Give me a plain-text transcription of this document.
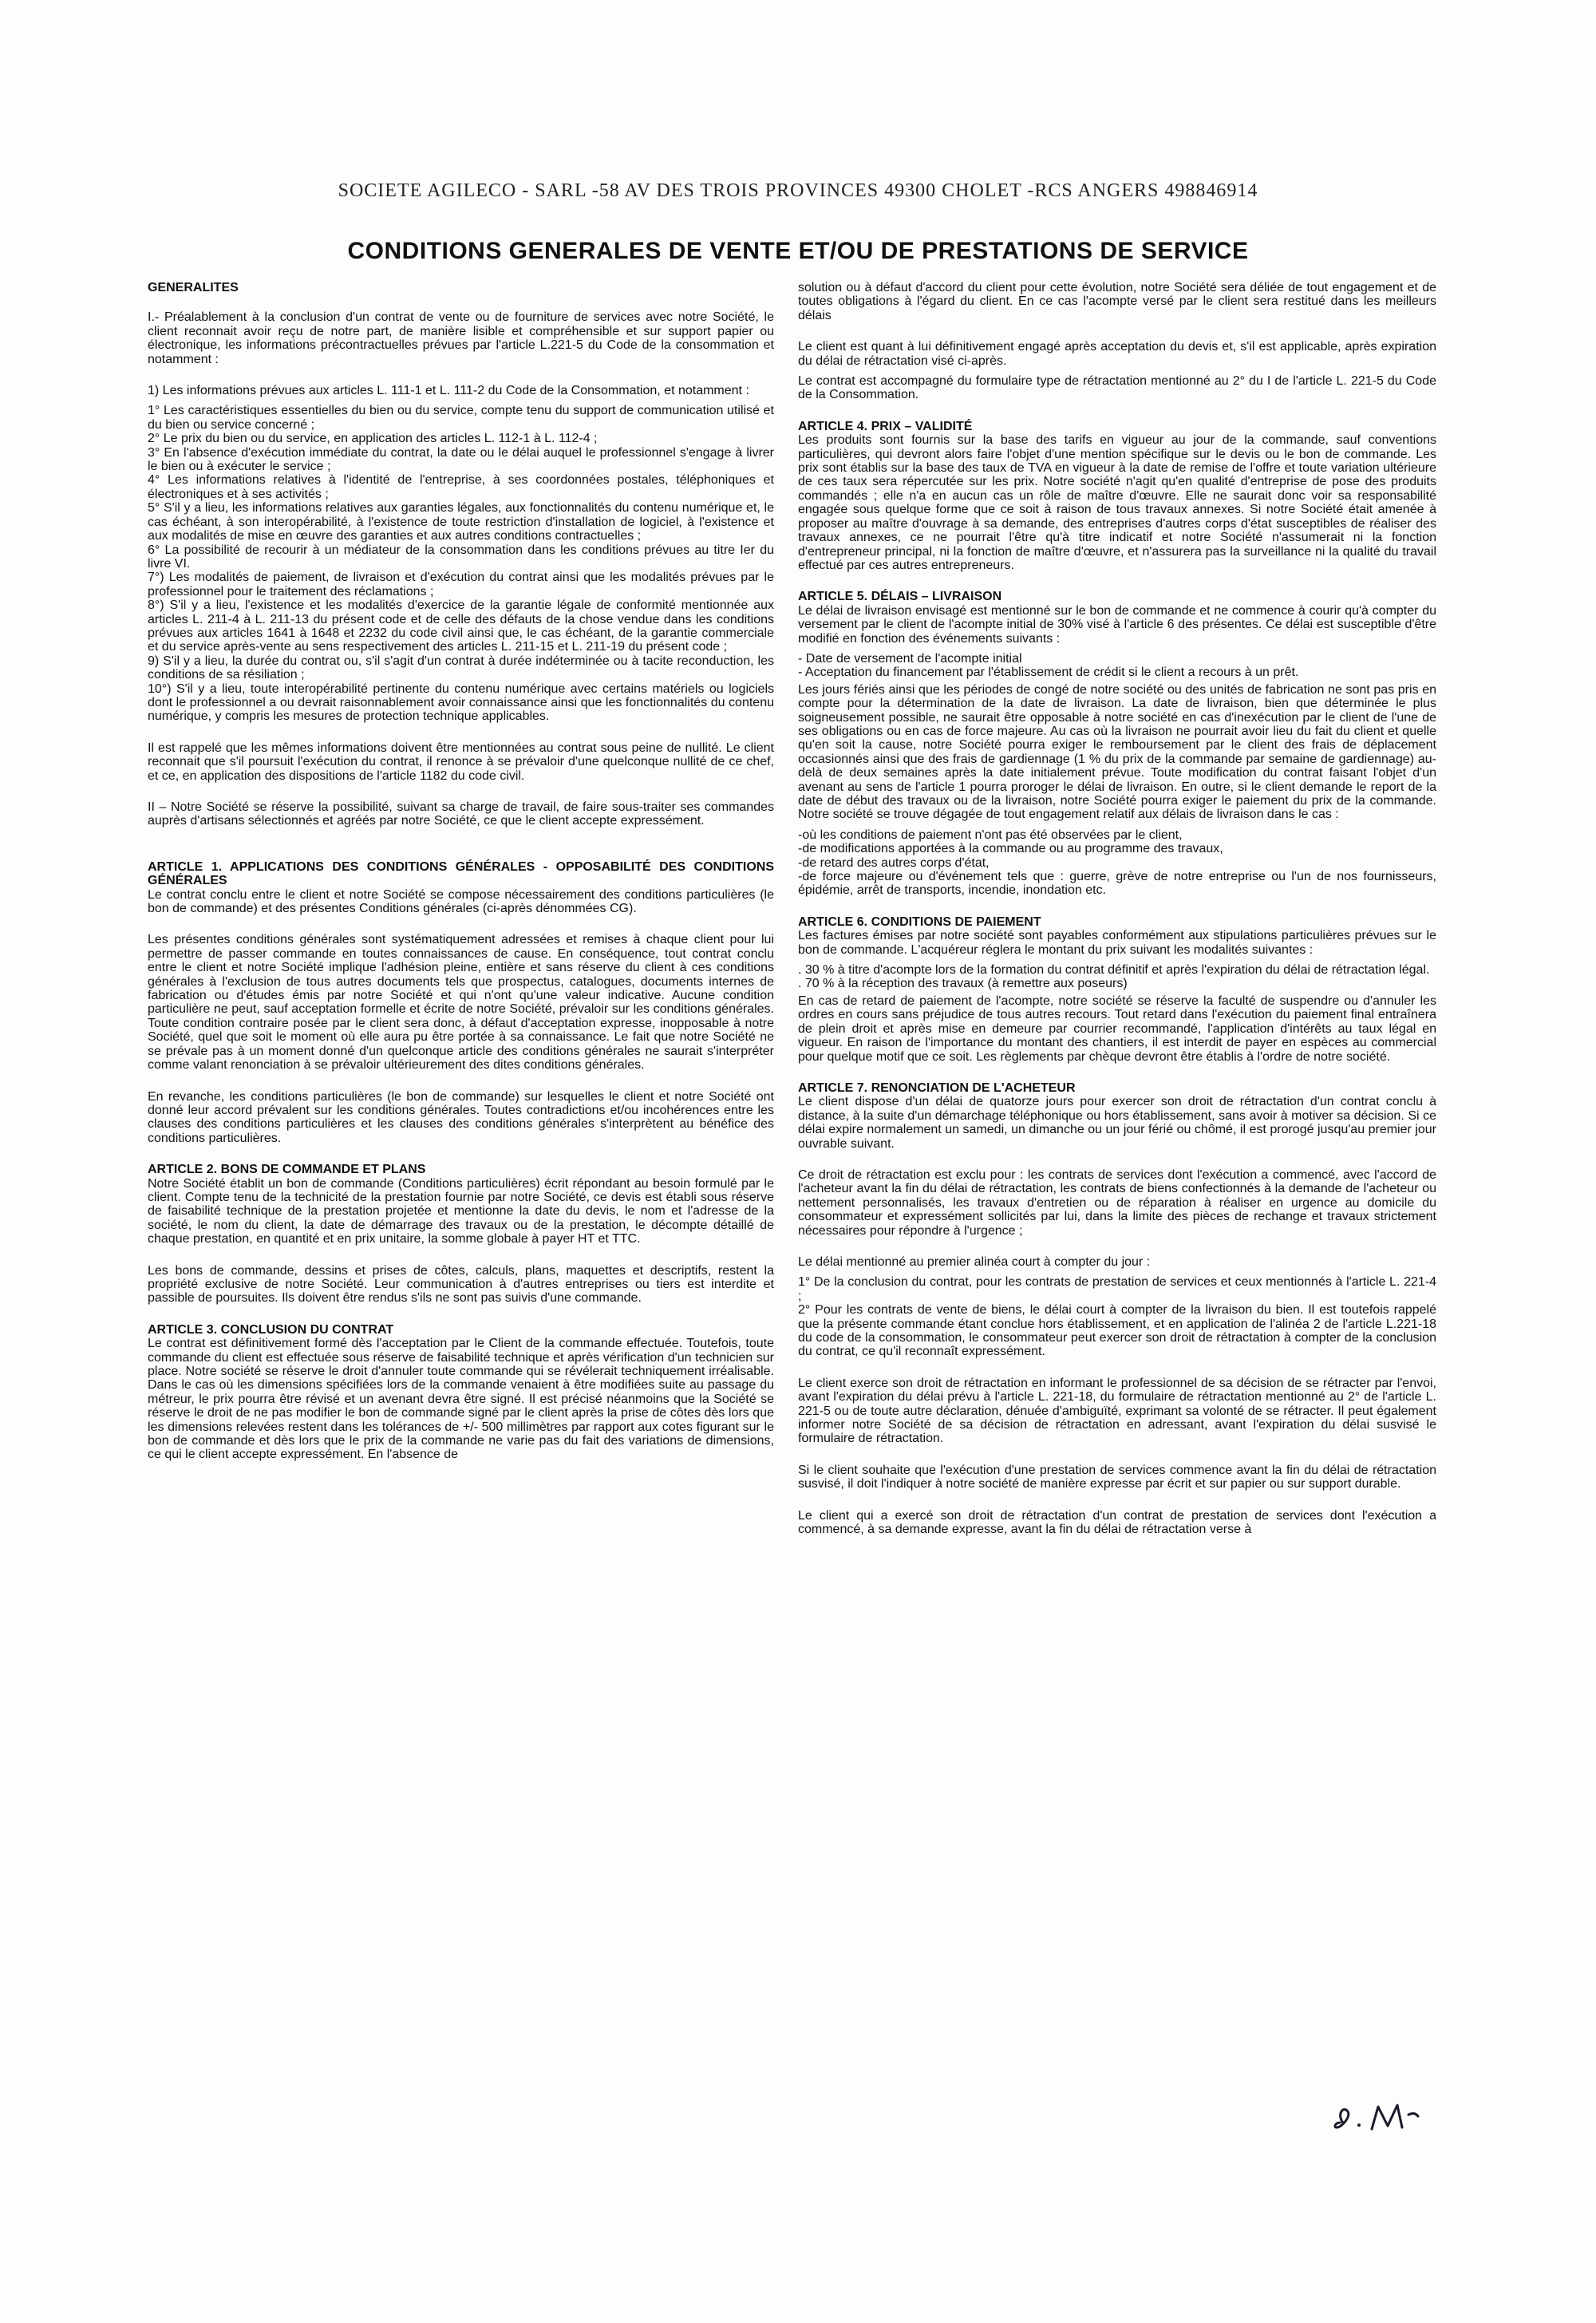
SOCIETE AGILECO - SARL -58 AV DES TROIS PROVINCES 49300 CHOLET -RCS ANGERS 498846914
CONDITIONS GENERALES DE VENTE ET/OU DE PRESTATIONS DE SERVICE
GENERALITES

I.- Préalablement à la conclusion d'un contrat de vente ou de fourniture de services avec notre Société, le client reconnait avoir reçu de notre part, de manière lisible et compréhensible et sur support papier ou électronique, les informations précontractuelles prévues par l'article L.221-5 du Code de la consommation et notamment :

1) Les informations prévues aux articles L. 111-1 et L. 111-2 du Code de la Consommation, et notamment :

1° Les caractéristiques essentielles du bien ou du service, compte tenu du support de communication utilisé et du bien ou service concerné ;
2° Le prix du bien ou du service, en application des articles L. 112-1 à L. 112-4 ;
3° En l'absence d'exécution immédiate du contrat, la date ou le délai auquel le professionnel s'engage à livrer le bien ou à exécuter le service ;
4° Les informations relatives à l'identité de l'entreprise, à ses coordonnées postales, téléphoniques et électroniques et à ses activités ;
5° S'il y a lieu, les informations relatives aux garanties légales, aux fonctionnalités du contenu numérique et, le cas échéant, à son interopérabilité, à l'existence de toute restriction d'installation de logiciel, à l'existence et aux modalités de mise en œuvre des garanties et aux autres conditions contractuelles ;
6° La possibilité de recourir à un médiateur de la consommation dans les conditions prévues au titre Ier du livre VI.
7°) Les modalités de paiement, de livraison et d'exécution du contrat ainsi que les modalités prévues par le professionnel pour le traitement des réclamations ;
8°) S'il y a lieu, l'existence et les modalités d'exercice de la garantie légale de conformité mentionnée aux articles L. 211-4 à L. 211-13 du présent code et de celle des défauts de la chose vendue dans les conditions prévues aux articles 1641 à 1648 et 2232 du code civil ainsi que, le cas échéant, de la garantie commerciale et du service après-vente au sens respectivement des articles L. 211-15 et L. 211-19 du présent code ;
9) S'il y a lieu, la durée du contrat ou, s'il s'agit d'un contrat à durée indéterminée ou à tacite reconduction, les conditions de sa résiliation ;
10°) S'il y a lieu, toute interopérabilité pertinente du contenu numérique avec certains matériels ou logiciels dont le professionnel a ou devrait raisonnablement avoir connaissance ainsi que les fonctionnalités du contenu numérique, y compris les mesures de protection technique applicables.

Il est rappelé que les mêmes informations doivent être mentionnées au contrat sous peine de nullité. Le client reconnait que s'il poursuit l'exécution du contrat, il renonce à se prévaloir d'une quelconque nullité de ce chef, et ce, en application des dispositions de l'article 1182 du code civil.

II – Notre Société se réserve la possibilité, suivant sa charge de travail, de faire sous-traiter ses commandes auprès d'artisans sélectionnés et agréés par notre Société, ce que le client accepte expressément.

ARTICLE 1. APPLICATIONS DES CONDITIONS GÉNÉRALES - OPPOSABILITÉ DES CONDITIONS GÉNÉRALES

Le contrat conclu entre le client et notre Société se compose nécessairement des conditions particulières (le bon de commande) et des présentes Conditions générales (ci-après dénommées CG).

Les présentes conditions générales sont systématiquement adressées et remises à chaque client pour lui permettre de passer commande en toutes connaissances de cause. En conséquence, tout contrat conclu entre le client et notre Société implique l'adhésion pleine, entière et sans réserve du client à ces conditions générales à l'exclusion de tous autres documents tels que prospectus, catalogues, documents internes de fabrication ou d'études émis par notre Société et qui n'ont qu'une valeur indicative. Aucune condition particulière ne peut, sauf acceptation formelle et écrite de notre Société, prévaloir sur les conditions générales. Toute condition contraire posée par le client sera donc, à défaut d'acceptation expresse, inopposable à notre Société, quel que soit le moment où elle aura pu être portée à sa connaissance. Le fait que notre Société ne se prévale pas à un moment donné d'un quelconque article des conditions générales ne saurait s'interpréter comme valant renonciation à se prévaloir ultérieurement des dites conditions générales.

En revanche, les conditions particulières (le bon de commande) sur lesquelles le client et notre Société ont donné leur accord prévalent sur les conditions générales. Toutes contradictions et/ou incohérences entre les clauses des conditions particulières et les clauses des conditions générales s'interprètent au bénéfice des conditions particulières.

ARTICLE 2. BONS DE COMMANDE ET PLANS

Notre Société établit un bon de commande (Conditions particulières) écrit répondant au besoin formulé par le client. Compte tenu de la technicité de la prestation fournie par notre Société, ce devis est établi sous réserve de faisabilité technique de la prestation projetée et mentionne la date du devis, le nom et l'adresse de la société, le nom du client, la date de démarrage des travaux ou de la prestation, le décompte détaillé de chaque prestation, en quantité et en prix unitaire, la somme globale à payer HT et TTC.

Les bons de commande, dessins et prises de côtes, calculs, plans, maquettes et descriptifs, restent la propriété exclusive de notre Société. Leur communication à d'autres entreprises ou tiers est interdite et passible de poursuites. Ils doivent être rendus s'ils ne sont pas suivis d'une commande.

ARTICLE 3. CONCLUSION DU CONTRAT

Le contrat est définitivement formé dès l'acceptation par le Client de la commande effectuée. Toutefois, toute commande du client est effectuée sous réserve de faisabilité technique et après vérification d'un technicien sur place. Notre société se réserve le droit d'annuler toute commande qui se révélerait techniquement irréalisable. Dans le cas où les dimensions spécifiées lors de la commande venaient à être modifiées suite au passage du métreur, le prix pourra être révisé et un avenant devra être signé. Il est précisé néanmoins que la Société se réserve le droit de ne pas modifier le bon de commande signé par le client après la prise de côtes dès lors que les dimensions relevées restent dans les tolérances de +/- 500 millimètres par rapport aux cotes figurant sur le bon de commande et dès lors que le prix de la commande ne varie pas du fait des variations de dimensions, ce qui le client accepte expressément. En l'absence de

solution ou à défaut d'accord du client pour cette évolution, notre Société sera déliée de tout engagement et de toutes obligations à l'égard du client. En ce cas l'acompte versé par le client sera restitué dans les meilleurs délais

Le client est quant à lui définitivement engagé après acceptation du devis et, s'il est applicable, après expiration du délai de rétractation visé ci-après.

Le contrat est accompagné du formulaire type de rétractation mentionné au 2° du I de l'article L. 221-5 du Code de la Consommation.

ARTICLE 4. PRIX – VALIDITÉ

Les produits sont fournis sur la base des tarifs en vigueur au jour de la commande, sauf conventions particulières, qui devront alors faire l'objet d'une mention spécifique sur le devis ou le bon de commande. Les prix sont établis sur la base des taux de TVA en vigueur à la date de remise de l'offre et toute variation ultérieure de ces taux sera répercutée sur les prix. Notre société n'agit qu'en qualité d'entreprise de pose des produits commandés ; elle n'a en aucun cas un rôle de maître d'œuvre. Elle ne saurait donc voir sa responsabilité engagée sous quelque forme que ce soit à raison de tous travaux annexes. Si notre Société était amenée à proposer au maître d'ouvrage à sa demande, des entreprises d'autres corps d'état susceptibles de réaliser des travaux annexes, ce ne pourrait l'être qu'à titre indicatif et notre Société n'assumerait ni la fonction d'entrepreneur principal, ni la fonction de maître d'œuvre, et n'assurera pas la surveillance ni la qualité du travail effectué par ces autres entrepreneurs.

ARTICLE 5. DÉLAIS – LIVRAISON

Le délai de livraison envisagé est mentionné sur le bon de commande et ne commence à courir qu'à compter du versement par le client de l'acompte initial de 30% visé à l'article 6 des présentes. Ce délai est susceptible d'être modifié en fonction des événements suivants :

- Date de versement de l'acompte initial
- Acceptation du financement par l'établissement de crédit si le client a recours à un prêt.

Les jours fériés ainsi que les périodes de congé de notre société ou des unités de fabrication ne sont pas pris en compte pour la détermination de la date de livraison. La date de livraison, bien que déterminée le plus soigneusement possible, ne saurait être opposable à notre société en cas d'inexécution par le client de l'une de ses obligations ou en cas de force majeure. Au cas où la livraison ne pourrait avoir lieu du fait du client et quelle qu'en soit la cause, notre Société pourra exiger le remboursement par le client des frais de déplacement occasionnés ainsi que des frais de gardiennage (1 % du prix de la commande par semaine de gardiennage) au-delà de deux semaines après la date initialement prévue. Toute modification du contrat faisant l'objet d'un avenant au sens de l'article 1 pourra proroger le délai de livraison. En outre, si le client demande le report de la date de début des travaux ou de la livraison, notre Société pourra exiger le paiement du prix de la commande. Notre société se trouve dégagée de tout engagement relatif aux délais de livraison dans le cas :

-où les conditions de paiement n'ont pas été observées par le client,
-de modifications apportées à la commande ou au programme des travaux,
-de retard des autres corps d'état,
-de force majeure ou d'événement tels que : guerre, grève de notre entreprise ou l'un de nos fournisseurs, épidémie, arrêt de transports, incendie, inondation etc.
ARTICLE 6. CONDITIONS DE PAIEMENT

Les factures émises par notre société sont payables conformément aux stipulations particulières prévues sur le bon de commande. L'acquéreur réglera le montant du prix suivant les modalités suivantes :

. 30 % à titre d'acompte lors de la formation du contrat définitif et après l'expiration du délai de rétractation légal.
. 70 % à la réception des travaux (à remettre aux poseurs)

En cas de retard de paiement de l'acompte, notre société se réserve la faculté de suspendre ou d'annuler les ordres en cours sans préjudice de tous autres recours. Tout retard dans l'exécution du paiement final entraînera de plein droit et après mise en demeure par courrier recommandé, l'application d'intérêts au taux légal en vigueur. En raison de l'importance du montant des chantiers, il est interdit de payer en espèces au commercial pour quelque motif que ce soit. Les règlements par chèque devront être établis à l'ordre de notre société.

ARTICLE 7. RENONCIATION DE L'ACHETEUR

Le client dispose d'un délai de quatorze jours pour exercer son droit de rétractation d'un contrat conclu à distance, à la suite d'un démarchage téléphonique ou hors établissement, sans avoir à motiver sa décision. Si ce délai expire normalement un samedi, un dimanche ou un jour férié ou chômé, il est prorogé jusqu'au premier jour ouvrable suivant.

Ce droit de rétractation est exclu pour : les contrats de services dont l'exécution a commencé, avec l'accord de l'acheteur avant la fin du délai de rétractation, les contrats de biens confectionnés à la demande de l'acheteur ou nettement personnalisés, les travaux d'entretien ou de réparation à réaliser en urgence au domicile du consommateur et expressément sollicités par lui, dans la limite des pièces de rechange et travaux strictement nécessaires pour répondre à l'urgence ;

Le délai mentionné au premier alinéa court à compter du jour :

1° De la conclusion du contrat, pour les contrats de prestation de services et ceux mentionnés à l'article L. 221-4 ;
2° Pour les contrats de vente de biens, le délai court à compter de la livraison du bien. Il est toutefois rappelé que la présente commande étant conclue hors établissement, et en application de l'alinéa 2 de l'article L.221-18 du code de la consommation, le consommateur peut exercer son droit de rétractation à compter de la conclusion du contrat, ce qu'il reconnaît expressément.

Le client exerce son droit de rétractation en informant le professionnel de sa décision de se rétracter par l'envoi, avant l'expiration du délai prévu à l'article L. 221-18, du formulaire de rétractation mentionné au 2° de l'article L. 221-5 ou de toute autre déclaration, dénuée d'ambiguïté, exprimant sa volonté de se rétracter. Il peut également informer notre Société de sa décision de rétractation en adressant, avant l'expiration du délai susvisé le formulaire de rétractation.

Si le client souhaite que l'exécution d'une prestation de services commence avant la fin du délai de rétractation susvisé, il doit l'indiquer à notre société de manière expresse par écrit et sur papier ou sur support durable.

Le client qui a exercé son droit de rétractation d'un contrat de prestation de services dont l'exécution a commencé, à sa demande expresse, avant la fin du délai de rétractation verse à
